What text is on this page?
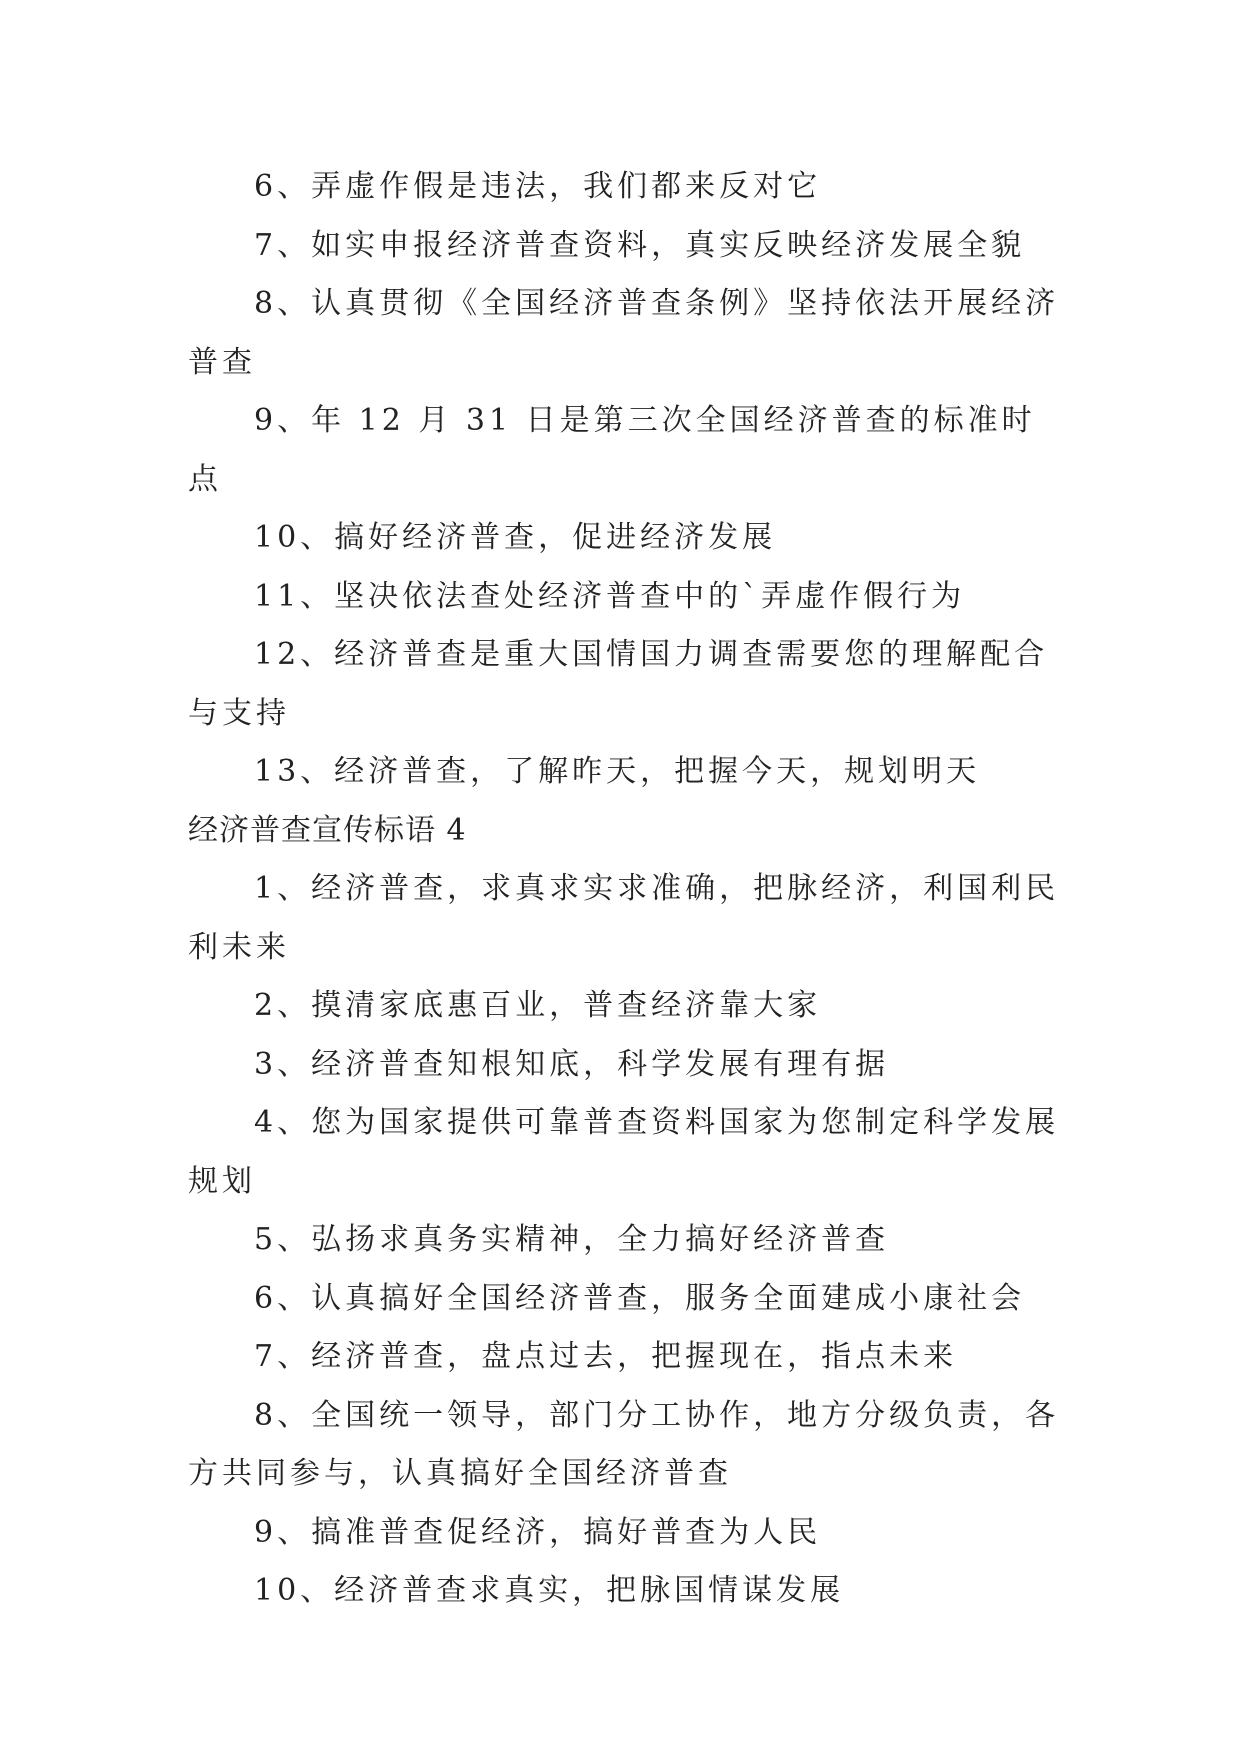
6、弄虚作假是违法，我们都来反对它

7、如实申报经济普查资料，真实反映经济发展全貌

8、认真贯彻《全国经济普查条例》坚持依法开展经济普查

9、年 12 月 31 日是第三次全国经济普查的标准时点

10、搞好经济普查，促进经济发展

11、坚决依法查处经济普查中的`弄虚作假行为

12、经济普查是重大国情国力调查需要您的理解配合与支持

13、经济普查，了解昨天，把握今天，规划明天

经济普查宣传标语 4

1、经济普查，求真求实求准确，把脉经济，利国利民利未来

2、摸清家底惠百业，普查经济靠大家

3、经济普查知根知底，科学发展有理有据

4、您为国家提供可靠普查资料国家为您制定科学发展规划

5、弘扬求真务实精神，全力搞好经济普查

6、认真搞好全国经济普查，服务全面建成小康社会

7、经济普查，盘点过去，把握现在，指点未来

8、全国统一领导，部门分工协作，地方分级负责，各方共同参与，认真搞好全国经济普查

9、搞准普查促经济，搞好普查为人民

10、经济普查求真实，把脉国情谋发展
